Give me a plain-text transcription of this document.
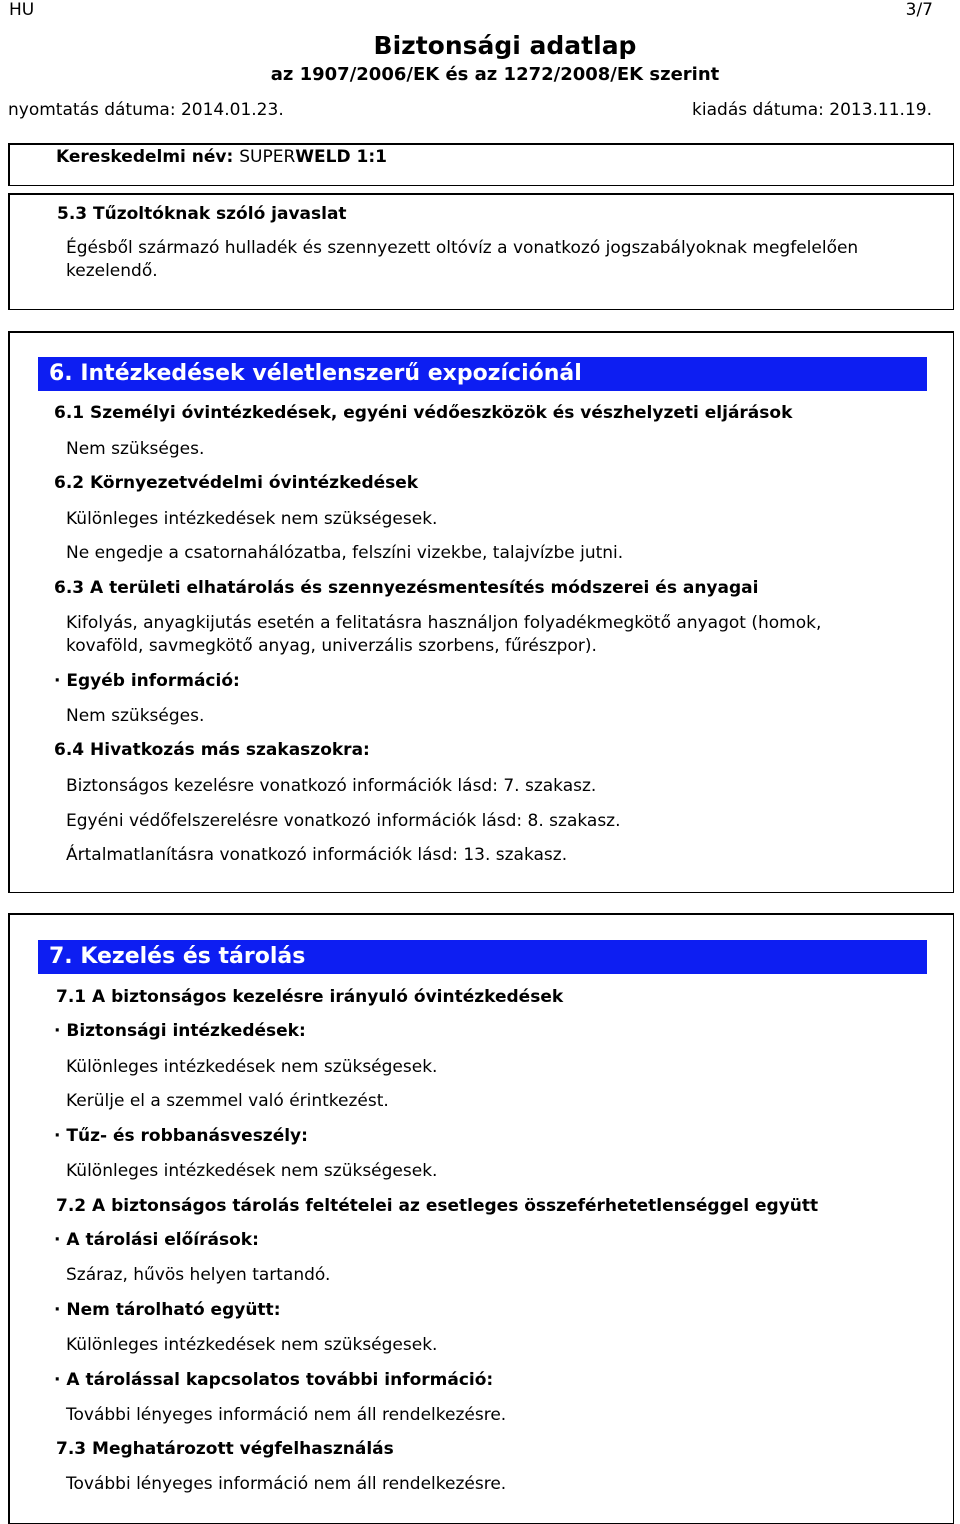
HU	3/7
Biztonsági adatlap
az 1907/2006/EK és az 1272/2008/EK szerint
nyomtatás dátuma: 2014.01.23.	kiadás dátuma: 2013.11.19.
Kereskedelmi név: SUPERWELD 1:1
5.3 Tűzoltóknak szóló javaslat
Égésből származó hulladék és szennyezett oltóvíz a vonatkozó jogszabályoknak megfelelően kezelendő.
6. Intézkedések véletlenszerű expozíciónál
6.1 Személyi óvintézkedések, egyéni védőeszközök és vészhelyzeti eljárások
Nem szükséges.
6.2 Környezetvédelmi óvintézkedések
Különleges intézkedések nem szükségesek.
Ne engedje a csatornahálózatba, felszíni vizekbe, talajvízbe jutni.
6.3 A területi elhatárolás és szennyezésmentesítés módszerei és anyagai
Kifolyás, anyagkijutás esetén a felitatásra használjon folyadékmegkötő anyagot (homok, kovaföld, savmegkötő anyag, univerzális szorbens, fűrészpor).
· Egyéb információ:
Nem szükséges.
6.4 Hivatkozás más szakaszokra:
Biztonságos kezelésre vonatkozó információk lásd: 7. szakasz.
Egyéni védőfelszerelésre vonatkozó információk lásd: 8. szakasz.
Ártalmatlanításra vonatkozó információk lásd: 13. szakasz.
7. Kezelés és tárolás
7.1 A biztonságos kezelésre irányuló óvintézkedések
· Biztonsági intézkedések:
Különleges intézkedések nem szükségesek.
Kerülje el a szemmel való érintkezést.
· Tűz- és robbanásveszély:
Különleges intézkedések nem szükségesek.
7.2 A biztonságos tárolás feltételei az esetleges összeférhetetlenséggel együtt
· A tárolási előírások:
Száraz, hűvös helyen tartandó.
· Nem tárolható együtt:
Különleges intézkedések nem szükségesek.
· A tárolással kapcsolatos további információ:
További lényeges információ nem áll rendelkezésre.
7.3 Meghatározott végfelhasználás
További lényeges információ nem áll rendelkezésre.
